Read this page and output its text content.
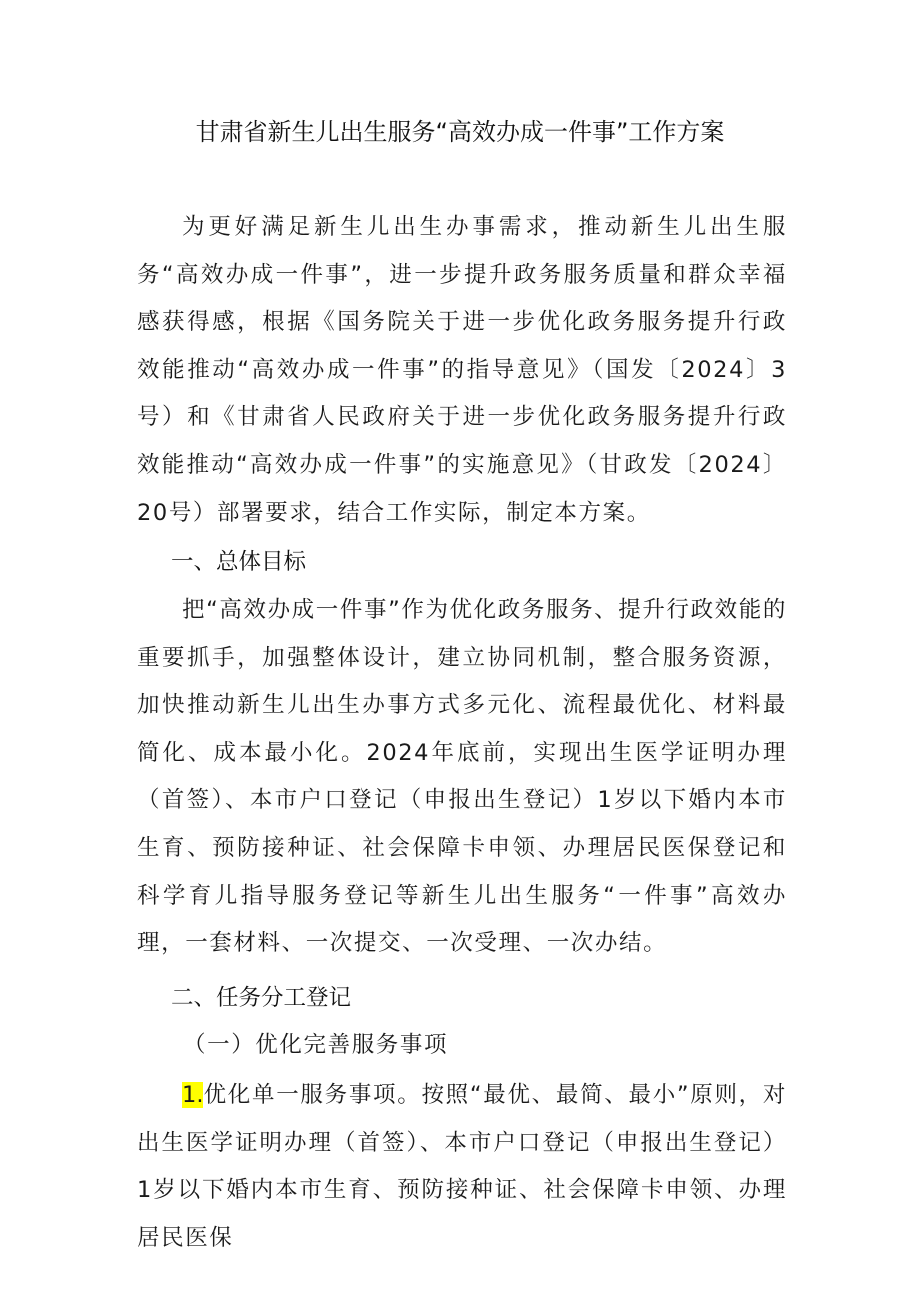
甘肃省新生儿出生服务“高效办成一件事”工作方案
为更好满足新生儿出生办事需求，推动新生儿出生服务“高效办成一件事”，进一步提升政务服务质量和群众幸福感获得感，根据《国务院关于进一步优化政务服务提升行政效能推动“高效办成一件事”的指导意见》（国发〔2024〕3号）和《甘肃省人民政府关于进一步优化政务服务提升行政效能推动“高效办成一件事”的实施意见》（甘政发〔2024〕20号）部署要求，结合工作实际，制定本方案。
一、总体目标
把“高效办成一件事”作为优化政务服务、提升行政效能的重要抓手，加强整体设计，建立协同机制，整合服务资源，加快推动新生儿出生办事方式多元化、流程最优化、材料最简化、成本最小化。2024年底前，实现出生医学证明办理（首签）、本市户口登记（申报出生登记）1岁以下婚内本市生育、预防接种证、社会保障卡申领、办理居民医保登记和科学育儿指导服务登记等新生儿出生服务“一件事”高效办理，一套材料、一次提交、一次受理、一次办结。
二、任务分工登记
（一）优化完善服务事项
1.优化单一服务事项。按照“最优、最简、最小”原则，对出生医学证明办理（首签）、本市户口登记（申报出生登记）1岁以下婚内本市生育、预防接种证、社会保障卡申领、办理居民医保
